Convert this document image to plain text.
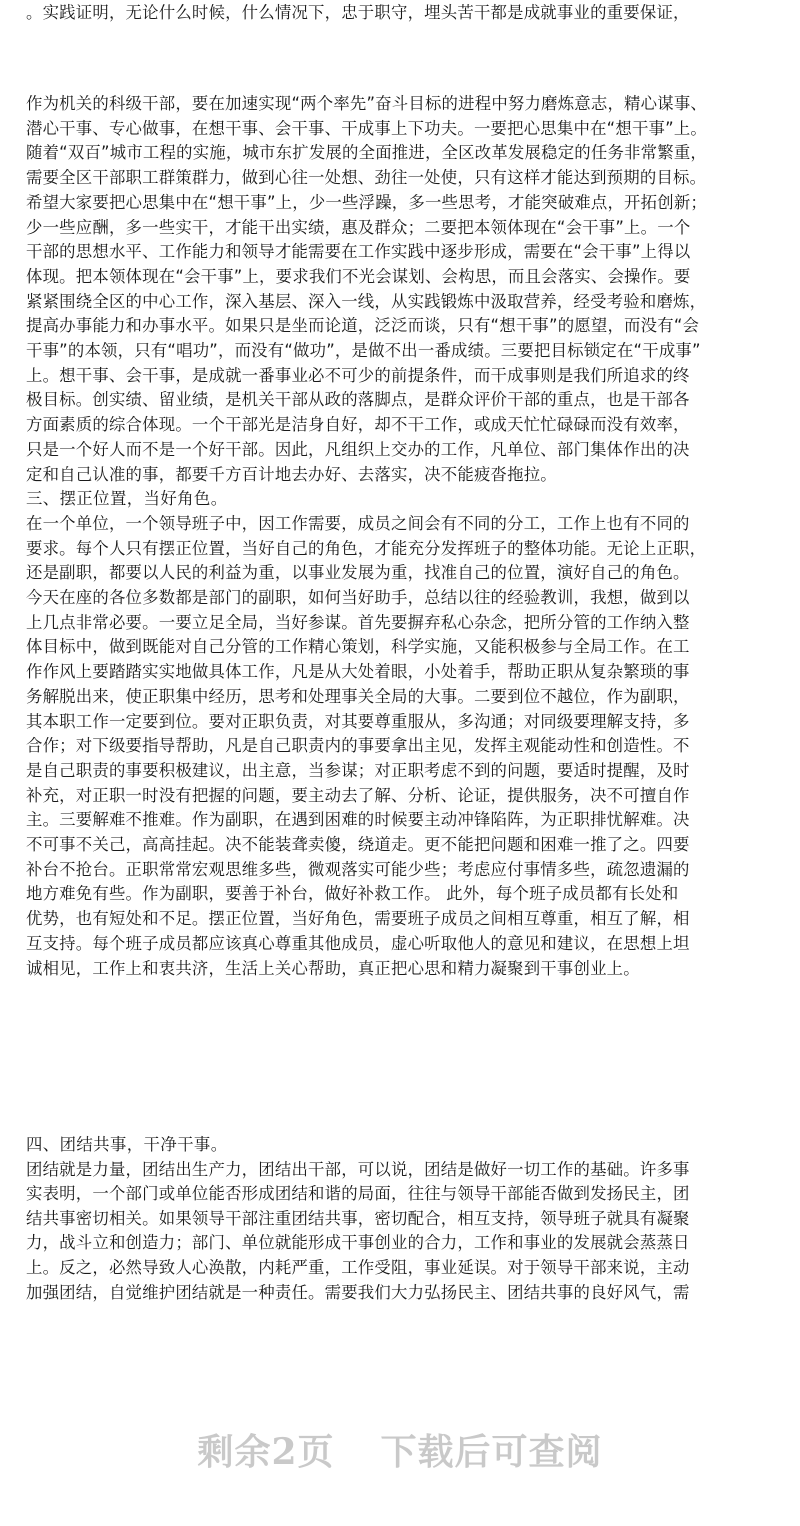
。实践证明，无论什么时候，什么情况下，忠于职守，埋头苦干都是成就事业的重要保证，
作为机关的科级干部，要在加速实现“两个率先”奋斗目标的进程中努力磨炼意志，精心谋事、
潜心干事、专心做事，在想干事、会干事、干成事上下功夫。一要把心思集中在“想干事”上。
随着“双百”城市工程的实施，城市东扩发展的全面推进，全区改革发展稳定的任务非常繁重，
需要全区干部职工群策群力，做到心往一处想、劲往一处使，只有这样才能达到预期的目标。
希望大家要把心思集中在“想干事”上，少一些浮躁，多一些思考，才能突破难点，开拓创新；
少一些应酬，多一些实干，才能干出实绩，惠及群众；二要把本领体现在“会干事”上。一个
干部的思想水平、工作能力和领导才能需要在工作实践中逐步形成，需要在“会干事”上得以
体现。把本领体现在“会干事”上，要求我们不光会谋划、会构思，而且会落实、会操作。要
紧紧围绕全区的中心工作，深入基层、深入一线，从实践锻炼中汲取营养，经受考验和磨炼，
提高办事能力和办事水平。如果只是坐而论道，泛泛而谈，只有“想干事”的愿望，而没有“会
干事”的本领，只有“唱功”，而没有“做功”，是做不出一番成绩。三要把目标锁定在“干成事”
上。想干事、会干事，是成就一番事业必不可少的前提条件，而干成事则是我们所追求的终
极目标。创实绩、留业绩，是机关干部从政的落脚点，是群众评价干部的重点，也是干部各
方面素质的综合体现。一个干部光是洁身自好，却不干工作，或成天忙忙碌碌而没有效率，
只是一个好人而不是一个好干部。因此，凡组织上交办的工作，凡单位、部门集体作出的决
定和自己认准的事，都要千方百计地去办好、去落实，决不能疲沓拖拉。
三、摆正位置，当好角色。
在一个单位，一个领导班子中，因工作需要，成员之间会有不同的分工，工作上也有不同的
要求。每个人只有摆正位置，当好自己的角色，才能充分发挥班子的整体功能。无论上正职，
还是副职，都要以人民的利益为重，以事业发展为重，找准自己的位置，演好自己的角色。
今天在座的各位多数都是部门的副职，如何当好助手，总结以往的经验教训，我想，做到以
上几点非常必要。一要立足全局，当好参谋。首先要摒弃私心杂念，把所分管的工作纳入整
体目标中，做到既能对自己分管的工作精心策划，科学实施，又能积极参与全局工作。在工
作作风上要踏踏实实地做具体工作，凡是从大处着眼，小处着手，帮助正职从复杂繁琐的事
务解脱出来，使正职集中经历，思考和处理事关全局的大事。二要到位不越位，作为副职，
其本职工作一定要到位。要对正职负责，对其要尊重服从，多沟通；对同级要理解支持，多
合作；对下级要指导帮助，凡是自己职责内的事要拿出主见，发挥主观能动性和创造性。不
是自己职责的事要积极建议，出主意，当参谋；对正职考虑不到的问题，要适时提醒，及时
补充，对正职一时没有把握的问题，要主动去了解、分析、论证，提供服务，决不可擅自作
主。三要解难不推难。作为副职，在遇到困难的时候要主动冲锋陷阵，为正职排忧解难。决
不可事不关己，高高挂起。决不能装聋卖傻，绕道走。更不能把问题和困难一推了之。四要
补台不抢台。正职常常宏观思维多些，微观落实可能少些；考虑应付事情多些，疏忽遗漏的
地方难免有些。作为副职，要善于补台，做好补救工作。 此外，每个班子成员都有长处和
优势，也有短处和不足。摆正位置，当好角色，需要班子成员之间相互尊重，相互了解，相
互支持。每个班子成员都应该真心尊重其他成员，虚心听取他人的意见和建议，在思想上坦
诚相见，工作上和衷共济，生活上关心帮助，真正把心思和精力凝聚到干事创业上。
四、团结共事，干净干事。
团结就是力量，团结出生产力，团结出干部，可以说，团结是做好一切工作的基础。许多事
实表明，一个部门或单位能否形成团结和谐的局面，往往与领导干部能否做到发扬民主，团
结共事密切相关。如果领导干部注重团结共事，密切配合，相互支持，领导班子就具有凝聚
力，战斗立和创造力；部门、单位就能形成干事创业的合力，工作和事业的发展就会蒸蒸日
上。反之，必然导致人心涣散，内耗严重，工作受阻，事业延误。对于领导干部来说，主动
加强团结，自觉维护团结就是一种责任。需要我们大力弘扬民主、团结共事的良好风气，需
剩余2页 下载后可查阅
